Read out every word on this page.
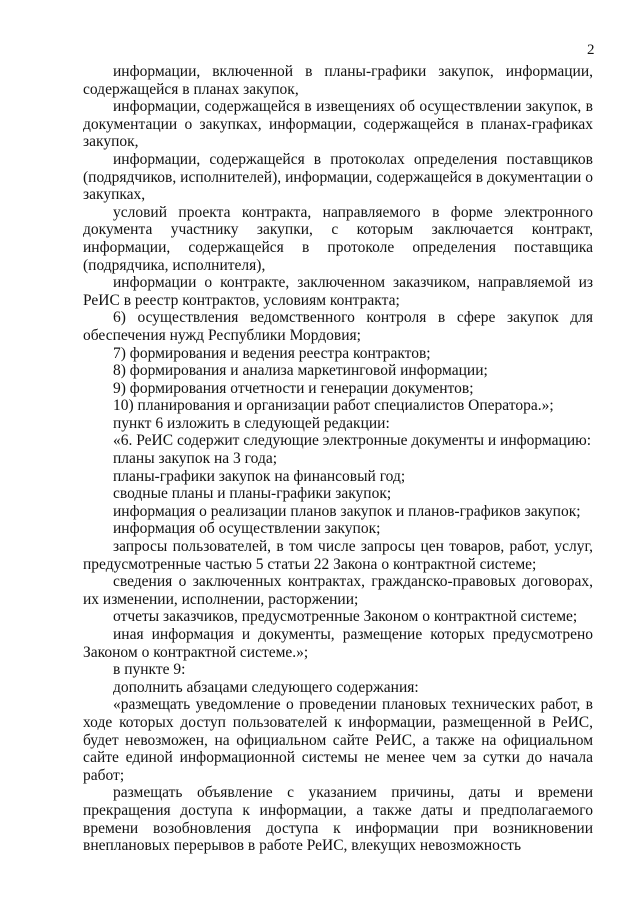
2

информации, включенной в планы-графики закупок, информации, содержащейся в планах закупок,

информации, содержащейся в извещениях об осуществлении закупок, в документации о закупках, информации, содержащейся в планах-графиках закупок,

информации, содержащейся в протоколах определения поставщиков (подрядчиков, исполнителей), информации, содержащейся в документации о закупках,

условий проекта контракта, направляемого в форме электронного документа участнику закупки, с которым заключается контракт, информации, содержащейся в протоколе определения поставщика (подрядчика, исполнителя),

информации о контракте, заключенном заказчиком, направляемой из РеИС в реестр контрактов, условиям контракта;

6) осуществления ведомственного контроля в сфере закупок для обеспечения нужд Республики Мордовия;

7) формирования и ведения реестра контрактов;

8) формирования и анализа маркетинговой информации;

9) формирования отчетности и генерации документов;

10) планирования и организации работ специалистов Оператора.»;

пункт 6 изложить в следующей редакции:

«6. РеИС содержит следующие электронные документы и информацию:

планы закупок на 3 года;

планы-графики закупок на финансовый год;

сводные планы и планы-графики закупок;

информация о реализации планов закупок и планов-графиков закупок;

информация об осуществлении закупок;

запросы пользователей, в том числе запросы цен товаров, работ, услуг, предусмотренные частью 5 статьи 22 Закона о контрактной системе;

сведения о заключенных контрактах, гражданско-правовых договорах, их изменении, исполнении, расторжении;

отчеты заказчиков, предусмотренные Законом о контрактной системе;

иная информация и документы, размещение которых предусмотрено Законом о контрактной системе.»;

в пункте 9:

дополнить абзацами следующего содержания:

«размещать уведомление о проведении плановых технических работ, в ходе которых доступ пользователей к информации, размещенной в РеИС, будет невозможен, на официальном сайте РеИС, а также на официальном сайте единой информационной системы не менее чем за сутки до начала работ;

размещать объявление с указанием причины, даты и времени прекращения доступа к информации, а также даты и предполагаемого времени возобновления доступа к информации при возникновении внеплановых перерывов в работе РеИС, влекущих невозможность
